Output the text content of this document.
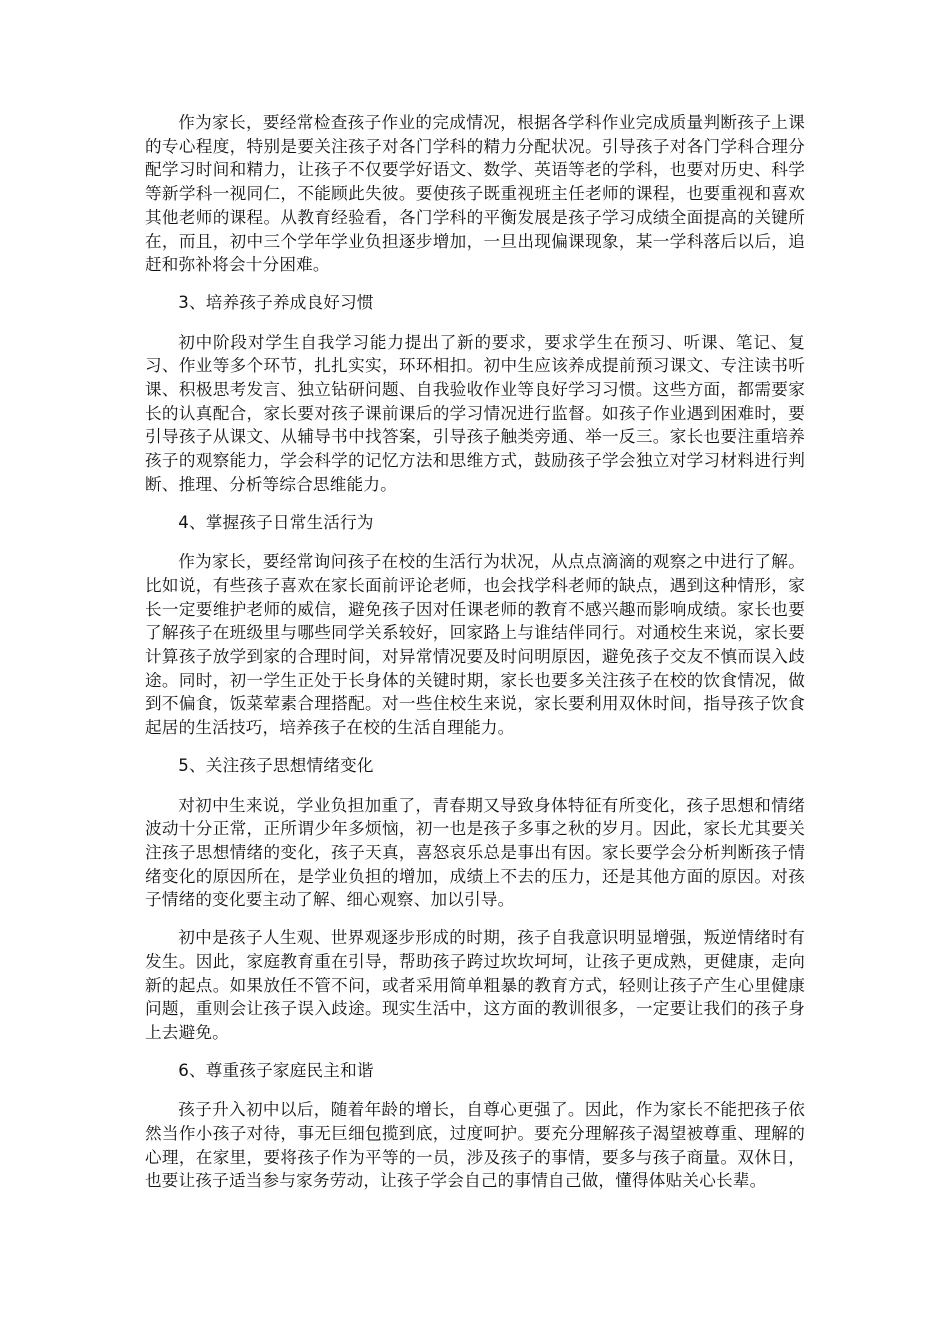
作为家长，要经常检查孩子作业的完成情况，根据各学科作业完成质量判断孩子上课的专心程度，特别是要关注孩子对各门学科的精力分配状况。引导孩子对各门学科合理分配学习时间和精力，让孩子不仅要学好语文、数学、英语等老的学科，也要对历史、科学等新学科一视同仁，不能顾此失彼。要使孩子既重视班主任老师的课程，也要重视和喜欢其他老师的课程。从教育经验看，各门学科的平衡发展是孩子学习成绩全面提高的关键所在，而且，初中三个学年学业负担逐步增加，一旦出现偏课现象，某一学科落后以后，追赶和弥补将会十分困难。

3、培养孩子养成良好习惯

初中阶段对学生自我学习能力提出了新的要求，要求学生在预习、听课、笔记、复习、作业等多个环节，扎扎实实，环环相扣。初中生应该养成提前预习课文、专注读书听课、积极思考发言、独立钻研问题、自我验收作业等良好学习习惯。这些方面，都需要家长的认真配合，家长要对孩子课前课后的学习情况进行监督。如孩子作业遇到困难时，要引导孩子从课文、从辅导书中找答案，引导孩子触类旁通、举一反三。家长也要注重培养孩子的观察能力，学会科学的记忆方法和思维方式，鼓励孩子学会独立对学习材料进行判断、推理、分析等综合思维能力。

4、掌握孩子日常生活行为

作为家长，要经常询问孩子在校的生活行为状况，从点点滴滴的观察之中进行了解。比如说，有些孩子喜欢在家长面前评论老师，也会找学科老师的缺点，遇到这种情形，家长一定要维护老师的威信，避免孩子因对任课老师的教育不感兴趣而影响成绩。家长也要了解孩子在班级里与哪些同学关系较好，回家路上与谁结伴同行。对通校生来说，家长要计算孩子放学到家的合理时间，对异常情况要及时问明原因，避免孩子交友不慎而误入歧途。同时，初一学生正处于长身体的关键时期，家长也要多关注孩子在校的饮食情况，做到不偏食，饭菜荤素合理搭配。对一些住校生来说，家长要利用双休时间，指导孩子饮食起居的生活技巧，培养孩子在校的生活自理能力。

5、关注孩子思想情绪变化

对初中生来说，学业负担加重了，青春期又导致身体特征有所变化，孩子思想和情绪波动十分正常，正所谓少年多烦恼，初一也是孩子多事之秋的岁月。因此，家长尤其要关注孩子思想情绪的变化，孩子天真，喜怒哀乐总是事出有因。家长要学会分析判断孩子情绪变化的原因所在，是学业负担的增加，成绩上不去的压力，还是其他方面的原因。对孩子情绪的变化要主动了解、细心观察、加以引导。

初中是孩子人生观、世界观逐步形成的时期，孩子自我意识明显增强，叛逆情绪时有发生。因此，家庭教育重在引导，帮助孩子跨过坎坎坷坷，让孩子更成熟，更健康，走向新的起点。如果放任不管不问，或者采用简单粗暴的教育方式，轻则让孩子产生心里健康问题，重则会让孩子误入歧途。现实生活中，这方面的教训很多，一定要让我们的孩子身上去避免。

6、尊重孩子家庭民主和谐

孩子升入初中以后，随着年龄的增长，自尊心更强了。因此，作为家长不能把孩子依然当作小孩子对待，事无巨细包揽到底，过度呵护。要充分理解孩子渴望被尊重、理解的心理，在家里，要将孩子作为平等的一员，涉及孩子的事情，要多与孩子商量。双休日，也要让孩子适当参与家务劳动，让孩子学会自己的事情自己做，懂得体贴关心长辈。
